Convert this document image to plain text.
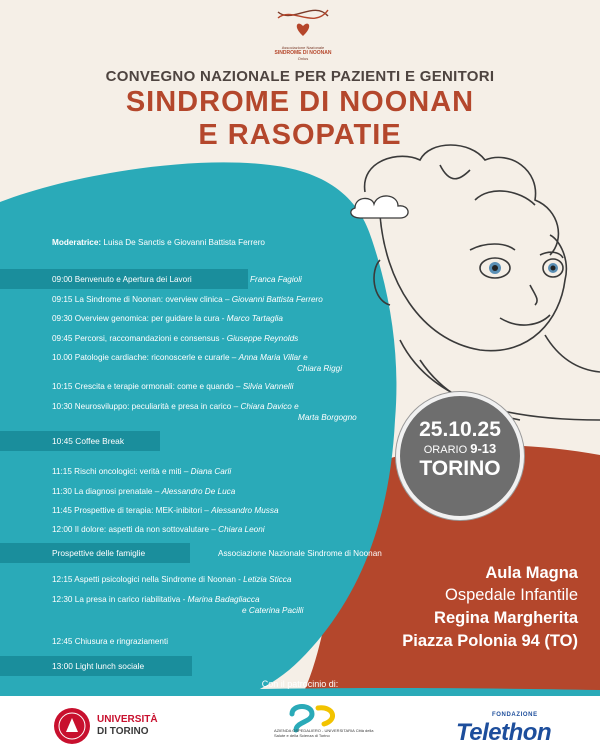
Associazione Nazionale
SINDROME DI NOONAN
Onlus
CONVEGNO NAZIONALE PER PAZIENTI E GENITORI
SINDROME DI NOONAN
E RASOPATIE
Moderatrice: Luisa De Sanctis e Giovanni Battista Ferrero
09:00 Benvenuto e Apertura dei Lavori	Franca Fagioli
09:15 La Sindrome di Noonan: overview clinica – Giovanni Battista Ferrero
09:30 Overview genomica: per guidare la cura - Marco Tartaglia
09:45 Percorsi, raccomandazioni e consensus - Giuseppe Reynolds
10.00 Patologie cardiache: riconoscerle e curarle – Anna Maria Villar e
Chiara Riggi
10:15 Crescita e terapie ormonali: come e quando – Silvia Vannelli
10:30 Neurosviluppo: peculiarità e presa in carico – Chiara Davico e
Marta Borgogno
10:45 Coffee Break
11:15 Rischi oncologici: verità e miti – Diana Carli
11:30 La diagnosi prenatale – Alessandro De Luca
11:45 Prospettive di terapia: MEK-inibitori – Alessandro Mussa
12:00 Il dolore: aspetti da non sottovalutare – Chiara Leoni
Prospettive delle famiglie	Associazione Nazionale Sindrome di Noonan
12:15 Aspetti psicologici nella Sindrome di Noonan - Letizia Sticca
12:30 La presa in carico riabilitativa - Marina Badagliacca
e Caterina Pacilli
12:45 Chiusura e ringraziamenti
13:00 Light lunch sociale
25.10.25
ORARIO 9-13
TORINO
Aula Magna
Ospedale Infantile
Regina Margherita
Piazza Polonia 94 (TO)
Con il patrocinio di:
UNIVERSITÀ
DI TORINO	AZIENDA OSPEDALIERO - UNIVERSITARIA Città della Salute e della Scienza di Torino
FONDAZIONE
Telethon
